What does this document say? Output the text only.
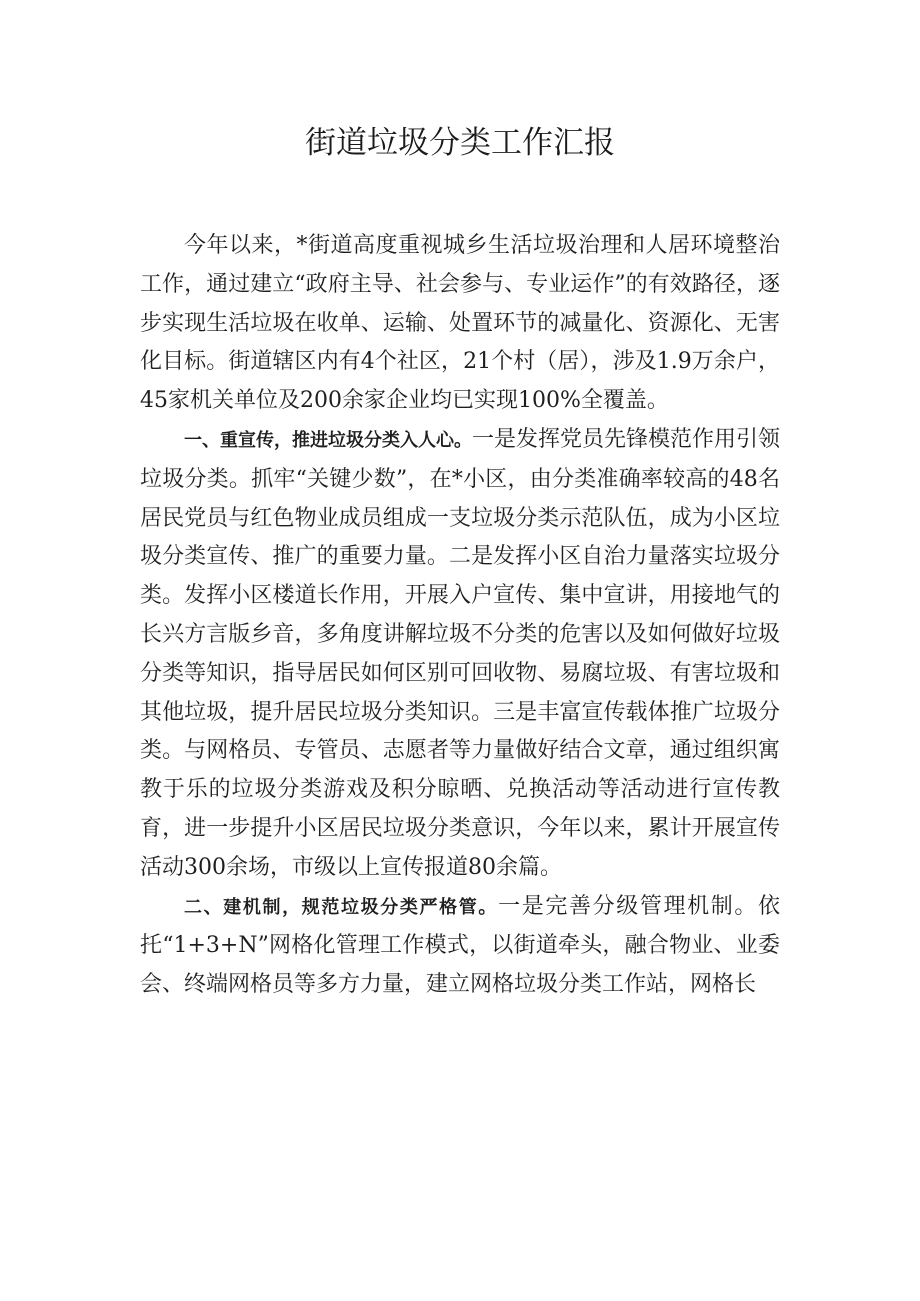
街道垃圾分类工作汇报

今年以来，*街道高度重视城乡生活垃圾治理和人居环境整治工作，通过建立“政府主导、社会参与、专业运作”的有效路径，逐步实现生活垃圾在收单、运输、处置环节的减量化、资源化、无害化目标。街道辖区内有4个社区，21个村（居），涉及1.9万余户，45家机关单位及200余家企业均已实现100%全覆盖。

一、重宣传，推进垃圾分类入人心。一是发挥党员先锋模范作用引领垃圾分类。抓牢“关键少数”，在*小区，由分类准确率较高的48名居民党员与红色物业成员组成一支垃圾分类示范队伍，成为小区垃圾分类宣传、推广的重要力量。二是发挥小区自治力量落实垃圾分类。发挥小区楼道长作用，开展入户宣传、集中宣讲，用接地气的长兴方言版乡音，多角度讲解垃圾不分类的危害以及如何做好垃圾分类等知识，指导居民如何区别可回收物、易腐垃圾、有害垃圾和其他垃圾，提升居民垃圾分类知识。三是丰富宣传载体推广垃圾分类。与网格员、专管员、志愿者等力量做好结合文章，通过组织寓教于乐的垃圾分类游戏及积分晾晒、兑换活动等活动进行宣传教育，进一步提升小区居民垃圾分类意识，今年以来，累计开展宣传活动300余场，市级以上宣传报道80余篇。

二、建机制，规范垃圾分类严格管。一是完善分级管理机制。依托“1+3+N”网格化管理工作模式，以街道牵头，融合物业、业委会、终端网格员等多方力量，建立网格垃圾分类工作站，网格长
